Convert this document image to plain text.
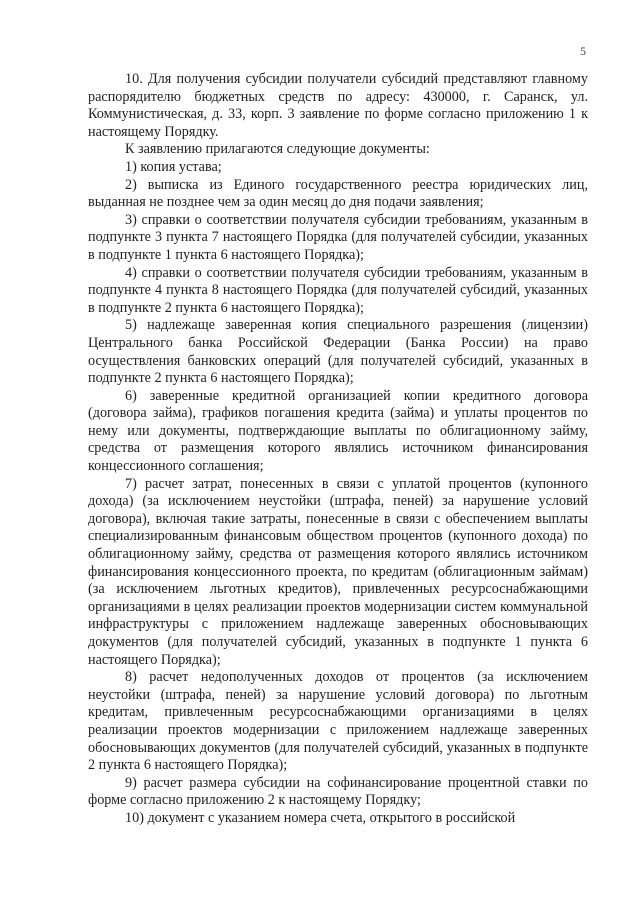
5

10. Для получения субсидии получатели субсидий представляют главному распорядителю бюджетных средств по адресу: 430000, г. Саранск, ул. Коммунистическая, д. 33, корп. 3 заявление по форме согласно приложению 1 к настоящему Порядку.

К заявлению прилагаются следующие документы:

1) копия устава;

2) выписка из Единого государственного реестра юридических лиц, выданная не позднее чем за один месяц до дня подачи заявления;

3) справки о соответствии получателя субсидии требованиям, указанным в подпункте 3 пункта 7 настоящего Порядка (для получателей субсидии, указанных в подпункте 1 пункта 6 настоящего Порядка);

4) справки о соответствии получателя субсидии требованиям, указанным в подпункте 4 пункта 8 настоящего Порядка (для получателей субсидий, указанных в подпункте 2 пункта 6 настоящего Порядка);

5) надлежаще заверенная копия специального разрешения (лицензии) Центрального банка Российской Федерации (Банка России) на право осуществления банковских операций (для получателей субсидий, указанных в подпункте 2 пункта 6 настоящего Порядка);

6) заверенные кредитной организацией копии кредитного договора (договора займа), графиков погашения кредита (займа) и уплаты процентов по нему или документы, подтверждающие выплаты по облигационному займу, средства от размещения которого являлись источником финансирования концессионного соглашения;

7) расчет затрат, понесенных в связи с уплатой процентов (купонного дохода) (за исключением неустойки (штрафа, пеней) за нарушение условий договора), включая такие затраты, понесенные в связи с обеспечением выплаты специализированным финансовым обществом процентов (купонного дохода) по облигационному займу, средства от размещения которого являлись источником финансирования концессионного проекта, по кредитам (облигационным займам) (за исключением льготных кредитов), привлеченных ресурсоснабжающими организациями в целях реализации проектов модернизации систем коммунальной инфраструктуры с приложением надлежаще заверенных обосновывающих документов (для получателей субсидий, указанных в подпункте 1 пункта 6 настоящего Порядка);

8) расчет недополученных доходов от процентов (за исключением неустойки (штрафа, пеней) за нарушение условий договора) по льготным кредитам, привлеченным ресурсоснабжающими организациями в целях реализации проектов модернизации с приложением надлежаще заверенных обосновывающих документов (для получателей субсидий, указанных в подпункте 2 пункта 6 настоящего Порядка);

9) расчет размера субсидии на софинансирование процентной ставки по форме согласно приложению 2 к настоящему Порядку;

10) документ с указанием номера счета, открытого в российской
